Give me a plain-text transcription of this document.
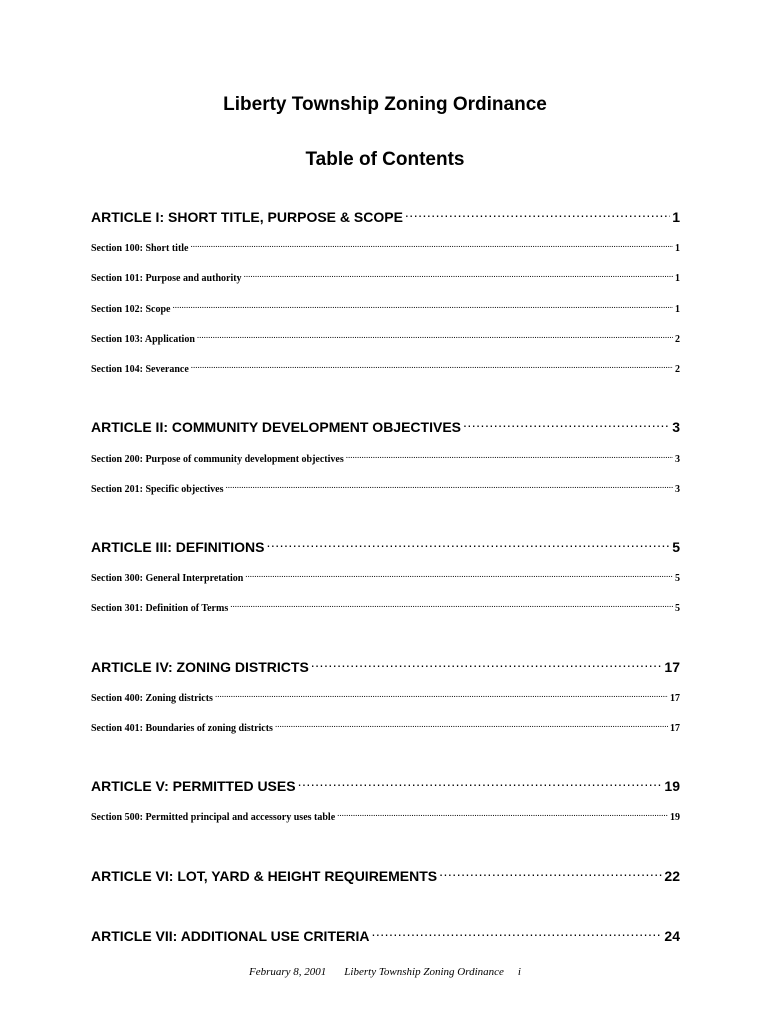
Liberty Township Zoning Ordinance
Table of Contents
ARTICLE I: SHORT TITLE, PURPOSE & SCOPE .....	1
Section 100: Short title .....	1
Section 101: Purpose and authority .....	1
Section 102: Scope .....	1
Section 103: Application .....	2
Section 104: Severance .....	2
ARTICLE II: COMMUNITY DEVELOPMENT OBJECTIVES .....	3
Section 200: Purpose of community development objectives .....	3
Section 201: Specific objectives .....	3
ARTICLE III: DEFINITIONS .....	5
Section 300: General Interpretation .....	5
Section 301: Definition of Terms .....	5
ARTICLE IV: ZONING DISTRICTS .....	17
Section 400: Zoning districts .....	17
Section 401: Boundaries of zoning districts .....	17
ARTICLE V: PERMITTED USES .....	19
Section 500: Permitted principal and accessory uses table .....	19
ARTICLE VI: LOT, YARD & HEIGHT REQUIREMENTS .....	22
ARTICLE VII: ADDITIONAL USE CRITERIA .....	24
February 8, 2001 Liberty Township Zoning Ordinance i
